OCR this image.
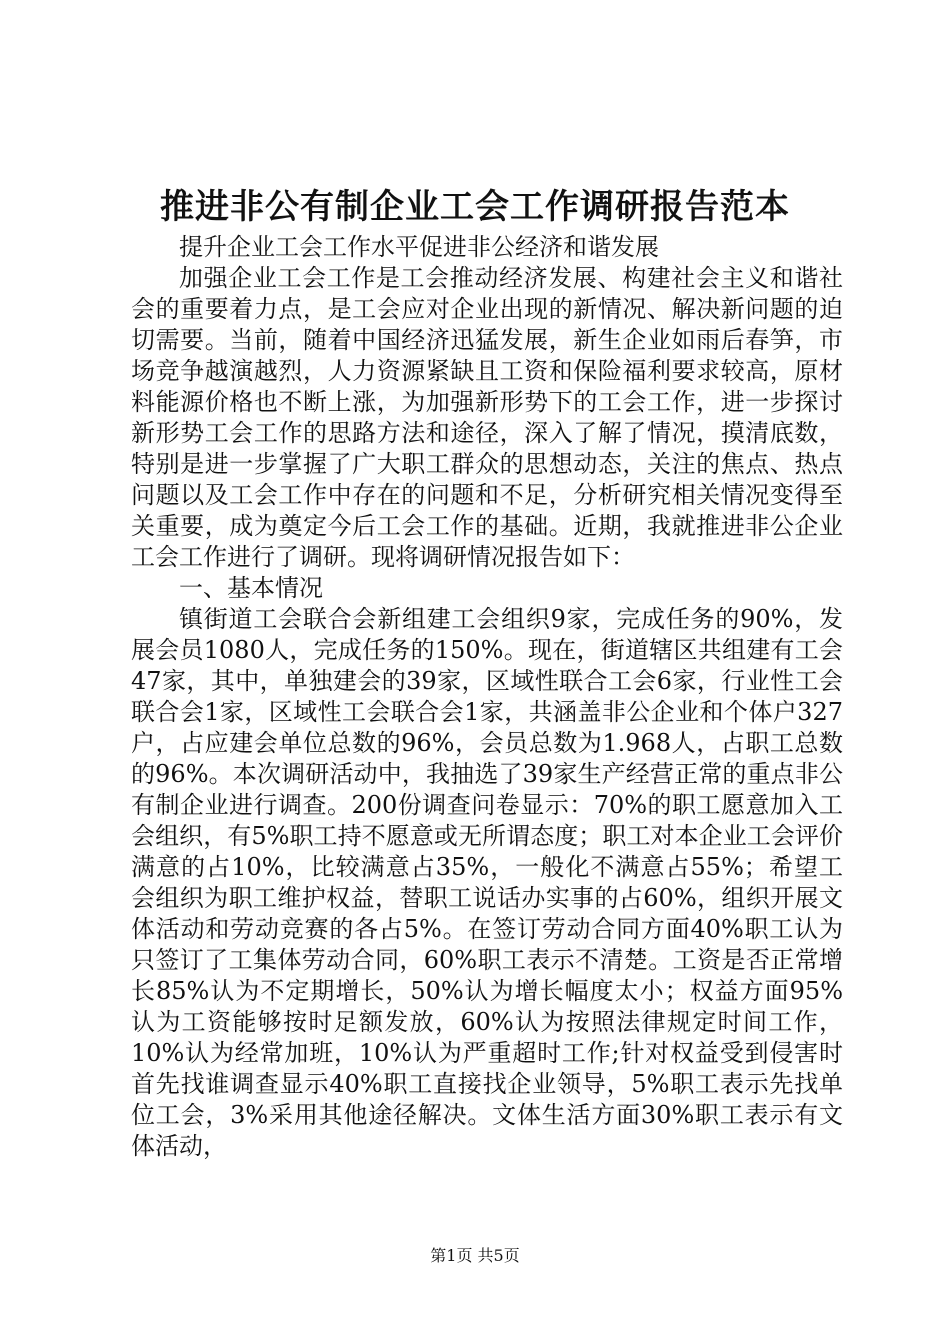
推进非公有制企业工会工作调研报告范本

提升企业工会工作水平促进非公经济和谐发展

加强企业工会工作是工会推动经济发展、构建社会主义和谐社会的重要着力点，是工会应对企业出现的新情况、解决新问题的迫切需要。当前，随着中国经济迅猛发展，新生企业如雨后春笋，市场竞争越演越烈，人力资源紧缺且工资和保险福利要求较高，原材料能源价格也不断上涨，为加强新形势下的工会工作，进一步探讨新形势工会工作的思路方法和途径，深入了解了情况，摸清底数，特别是进一步掌握了广大职工群众的思想动态，关注的焦点、热点问题以及工会工作中存在的问题和不足，分析研究相关情况变得至关重要，成为奠定今后工会工作的基础。近期，我就推进非公企业工会工作进行了调研。现将调研情况报告如下：

一、基本情况

镇街道工会联合会新组建工会组织9家，完成任务的90%，发展会员1080人，完成任务的150%。现在，街道辖区共组建有工会47家，其中，单独建会的39家，区域性联合工会6家，行业性工会联合会1家，区域性工会联合会1家，共涵盖非公企业和个体户327户，占应建会单位总数的96%，会员总数为1.968人，占职工总数的96%。本次调研活动中，我抽选了39家生产经营正常的重点非公有制企业进行调查。200份调查问卷显示：70%的职工愿意加入工会组织，有5%职工持不愿意或无所谓态度；职工对本企业工会评价满意的占10%，比较满意占35%，一般化不满意占55%；希望工会组织为职工维护权益，替职工说话办实事的占60%，组织开展文体活动和劳动竞赛的各占5%。在签订劳动合同方面40%职工认为只签订了工集体劳动合同，60%职工表示不清楚。工资是否正常增长85%认为不定期增长，50%认为增长幅度太小；权益方面95%认为工资能够按时足额发放，60%认为按照法律规定时间工作，10%认为经常加班，10%认为严重超时工作;针对权益受到侵害时首先找谁调查显示40%职工直接找企业领导，5%职工表示先找单位工会，3%采用其他途径解决。文体生活方面30%职工表示有文体活动，

第1页 共5页
